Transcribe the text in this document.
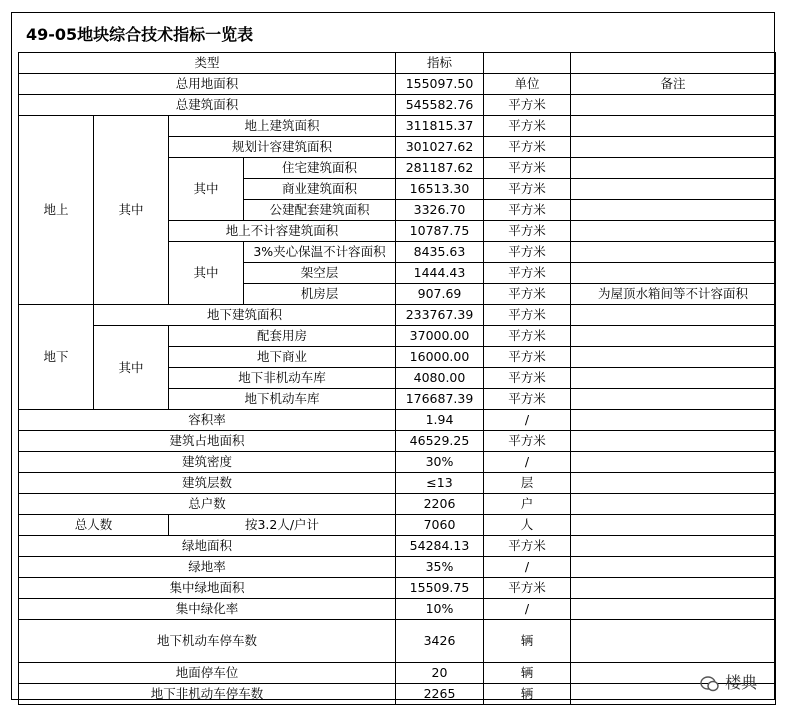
49-05地块综合技术指标一览表
类型				指标		
总用地面积				155097.50	单位	备注
总建筑面积				545582.76	平方米	
地上	其中	地上建筑面积		311815.37	平方米	
		规划计容建筑面积		301027.62	平方米	
		其中	住宅建筑面积	281187.62	平方米	
			商业建筑面积	16513.30	平方米	
			公建配套建筑面积	3326.70	平方米	
		地上不计容建筑面积		10787.75	平方米	
		其中	3%夹心保温不计容面积	8435.63	平方米	
			架空层	1444.43	平方米	
			机房层	907.69	平方米	为屋顶水箱间等不计容面积
地下	地下建筑面积			233767.39	平方米	
	其中	配套用房		37000.00	平方米	
		地下商业		16000.00	平方米	
		地下非机动车库		4080.00	平方米	
		地下机动车库		176687.39	平方米	
容积率				1.94	/	
建筑占地面积				46529.25	平方米	
建筑密度				30%	/	
建筑层数				≤13	层	
总户数				2206	户	
总人数		按3.2人/户计		7060	人	
绿地面积				54284.13	平方米	
绿地率				35%	/	
集中绿地面积				15509.75	平方米	
集中绿化率				10%	/	
地下机动车停车数				3426	辆	
地面停车位				20	辆	
地下非机动车停车数				2265	辆	
楼典
